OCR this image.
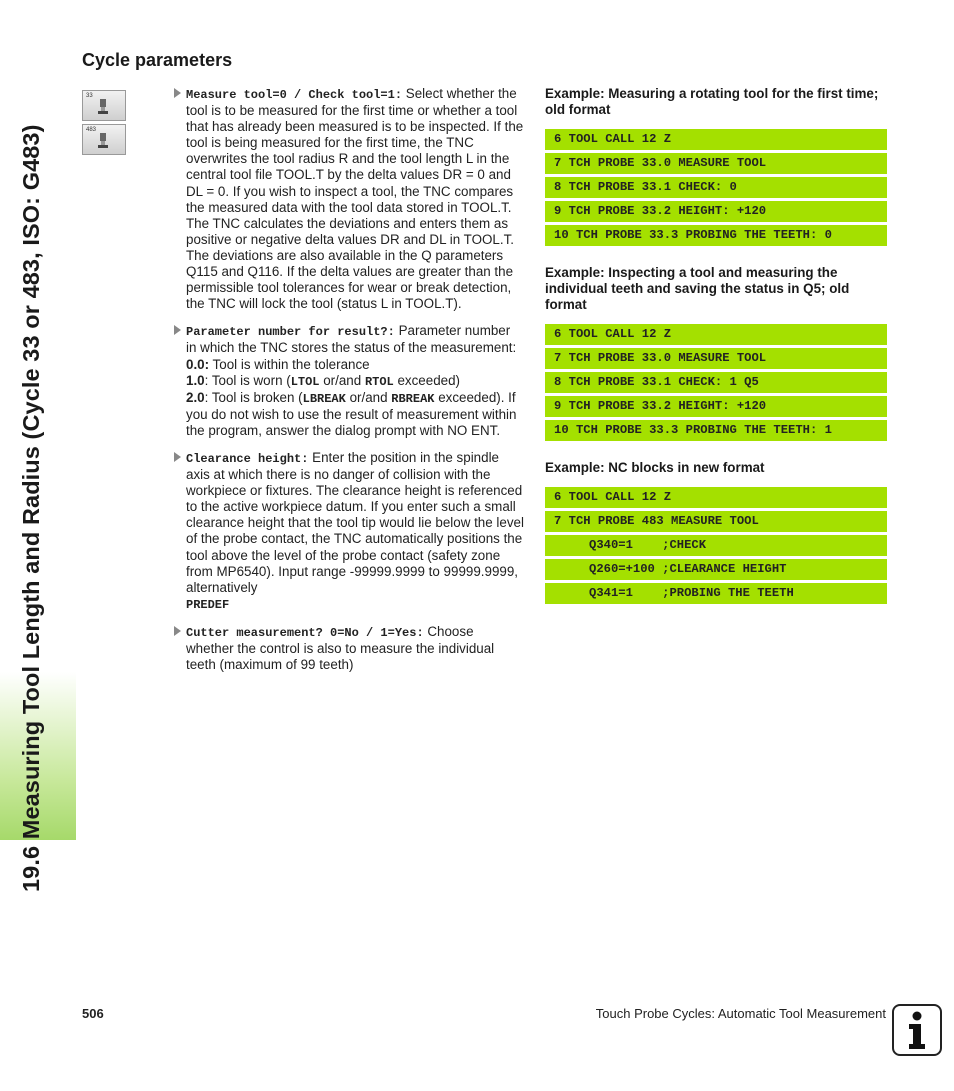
19.6 Measuring Tool Length and Radius (Cycle 33 or 483, ISO: G483)
Cycle parameters
33
483
Measure tool=0 / Check tool=1: Select whether the tool is to be measured for the first time or whether a tool that has already been measured is to be inspected. If the tool is being measured for the first time, the TNC overwrites the tool radius R and the tool length L in the central tool file TOOL.T by the delta values DR = 0 and DL = 0. If you wish to inspect a tool, the TNC compares the measured data with the tool data stored in TOOL.T. The TNC calculates the deviations and enters them as positive or negative delta values DR and DL in TOOL.T. The deviations are also available in the Q parameters Q115 and Q116. If the delta values are greater than the permissible tool tolerances for wear or break detection, the TNC will lock the tool (status L in TOOL.T).
Parameter number for result?: Parameter number in which the TNC stores the status of the measurement:
0.0: Tool is within the tolerance
1.0: Tool is worn (LTOL or/and RTOL exceeded)
2.0: Tool is broken (LBREAK or/and RBREAK exceeded). If you do not wish to use the result of measurement within the program, answer the dialog prompt with NO ENT.
Clearance height: Enter the position in the spindle axis at which there is no danger of collision with the workpiece or fixtures. The clearance height is referenced to the active workpiece datum. If you enter such a small clearance height that the tool tip would lie below the level of the probe contact, the TNC automatically positions the tool above the level of the probe contact (safety zone from MP6540). Input range -99999.9999 to 99999.9999, alternatively
PREDEF
Cutter measurement? 0=No / 1=Yes: Choose whether the control is also to measure the individual teeth (maximum of 99 teeth)
Example: Measuring a rotating tool for the first time; old format
6 TOOL CALL 12 Z
7 TCH PROBE 33.0 MEASURE TOOL
8 TCH PROBE 33.1 CHECK: 0
9 TCH PROBE 33.2 HEIGHT: +120
10 TCH PROBE 33.3 PROBING THE TEETH: 0
Example: Inspecting a tool and measuring the individual teeth and saving the status in Q5; old format
6 TOOL CALL 12 Z
7 TCH PROBE 33.0 MEASURE TOOL
8 TCH PROBE 33.1 CHECK: 1 Q5
9 TCH PROBE 33.2 HEIGHT: +120
10 TCH PROBE 33.3 PROBING THE TEETH: 1
Example: NC blocks in new format
6 TOOL CALL 12 Z
7 TCH PROBE 483 MEASURE TOOL
Q340=1    ;CHECK
Q260=+100 ;CLEARANCE HEIGHT
Q341=1    ;PROBING THE TEETH
506	Touch Probe Cycles: Automatic Tool Measurement
